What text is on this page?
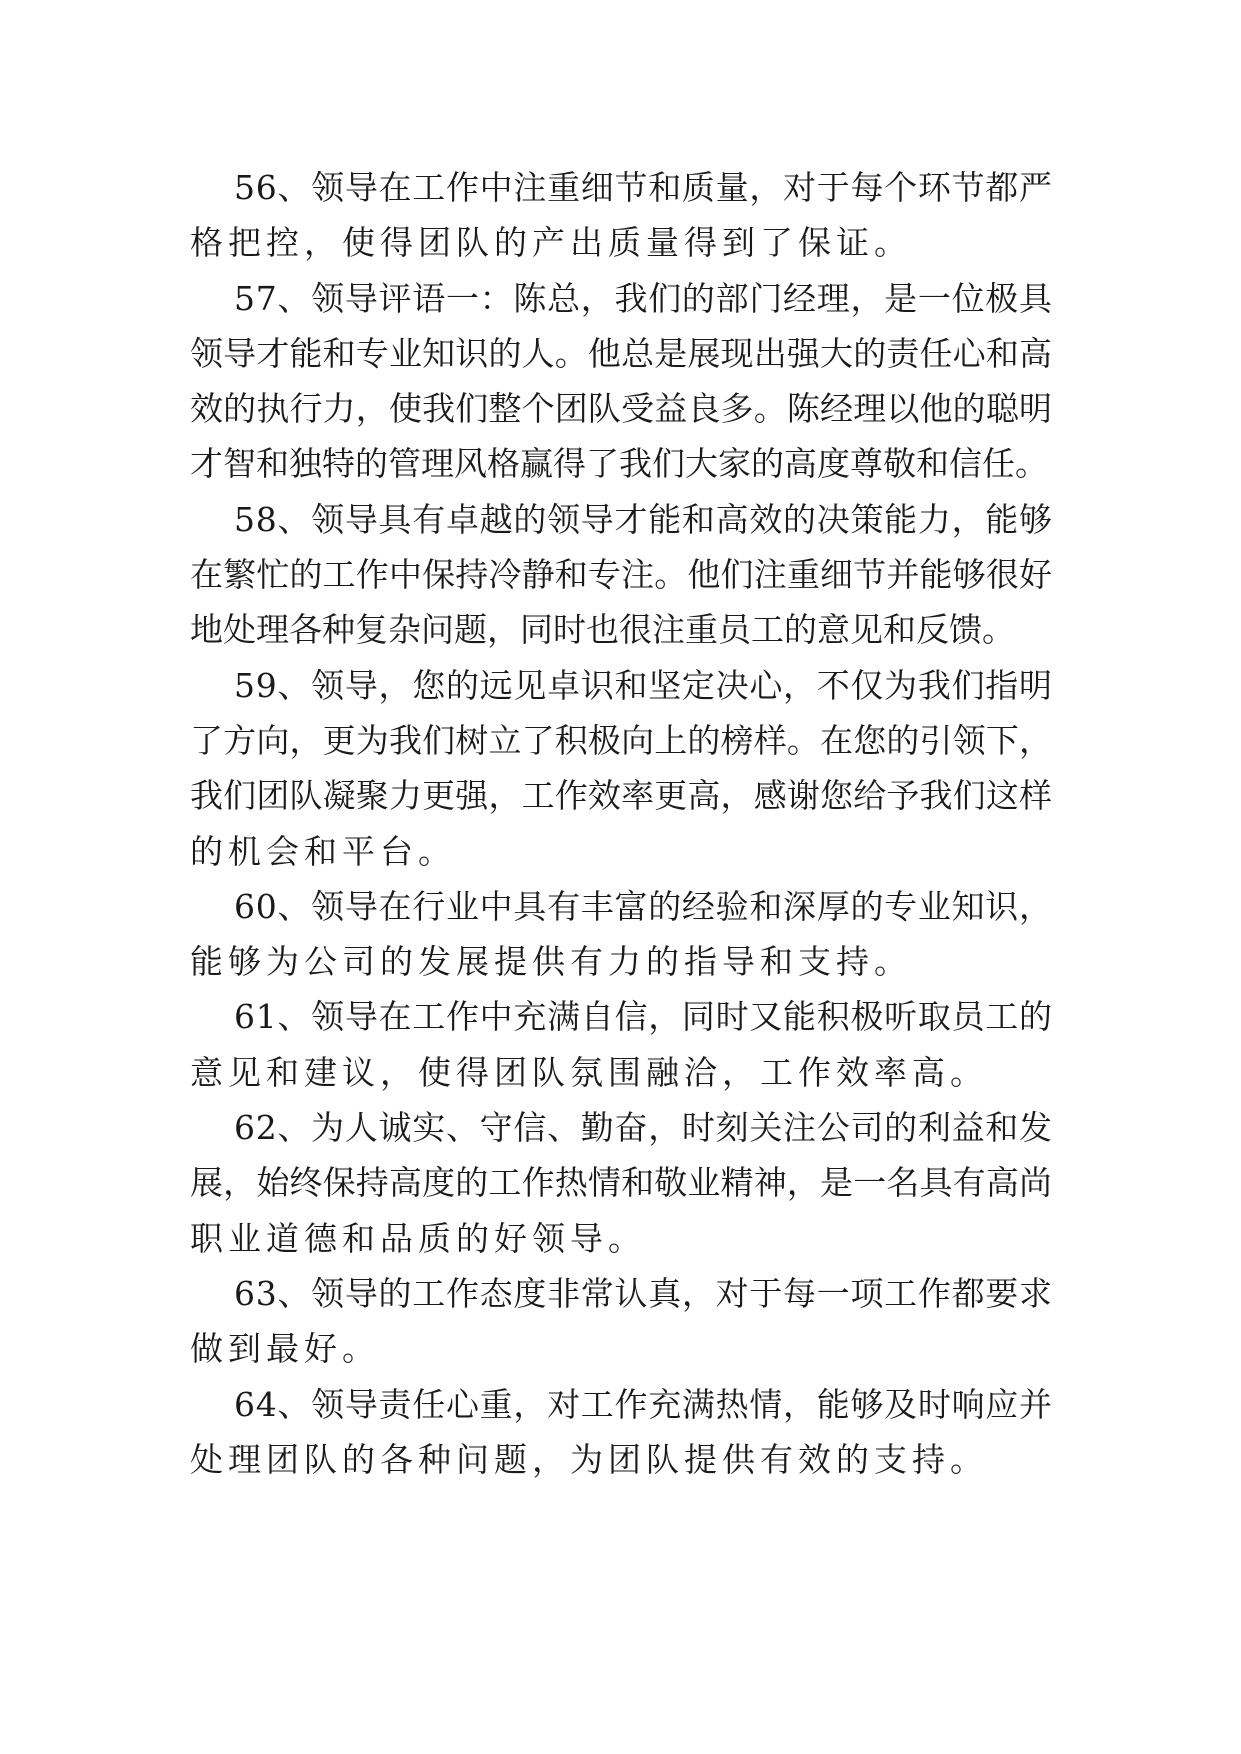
56、领导在工作中注重细节和质量，对于每个环节都严
格把控，使得团队的产出质量得到了保证。
57、领导评语一：陈总，我们的部门经理，是一位极具
领导才能和专业知识的人。他总是展现出强大的责任心和高
效的执行力，使我们整个团队受益良多。陈经理以他的聪明
才智和独特的管理风格赢得了我们大家的高度尊敬和信任。
58、领导具有卓越的领导才能和高效的决策能力，能够
在繁忙的工作中保持冷静和专注。他们注重细节并能够很好
地处理各种复杂问题，同时也很注重员工的意见和反馈。
59、领导，您的远见卓识和坚定决心，不仅为我们指明
了方向，更为我们树立了积极向上的榜样。在您的引领下，
我们团队凝聚力更强，工作效率更高，感谢您给予我们这样
的机会和平台。
60、领导在行业中具有丰富的经验和深厚的专业知识，
能够为公司的发展提供有力的指导和支持。
61、领导在工作中充满自信，同时又能积极听取员工的
意见和建议，使得团队氛围融洽，工作效率高。
62、为人诚实、守信、勤奋，时刻关注公司的利益和发
展，始终保持高度的工作热情和敬业精神，是一名具有高尚
职业道德和品质的好领导。
63、领导的工作态度非常认真，对于每一项工作都要求
做到最好。
64、领导责任心重，对工作充满热情，能够及时响应并
处理团队的各种问题，为团队提供有效的支持。
